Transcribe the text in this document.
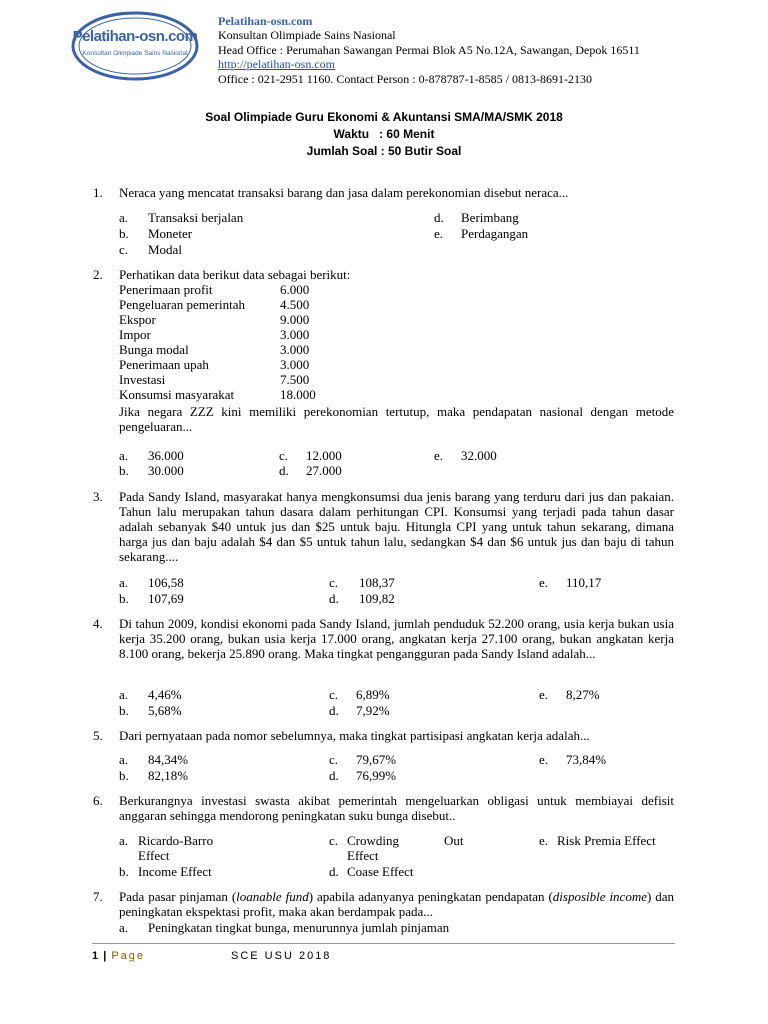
Pelatihan-osn.com
Konsultan Olimpiade Sains Nasional
Pelatihan-osn.com
Konsultan Olimpiade Sains Nasional
Head Office : Perumahan Sawangan Permai Blok A5 No.12A, Sawangan, Depok 16511
http://pelatihan-osn.com
Office : 021-2951 1160. Contact Person : 0-878787-1-8585 / 0813-8691-2130
Soal Olimpiade Guru Ekonomi & Akuntansi SMA/MA/SMK 2018
Waktu   : 60 Menit
Jumlah Soal : 50 Butir Soal
1. Neraca yang mencatat transaksi barang dan jasa dalam perekonomian disebut neraca...
a. Transaksi berjalan
b. Moneter
c. Modal
d. Berimbang
e. Perdagangan
2. Perhatikan data berikut data sebagai berikut:
Penerimaan profit	6.000
Pengeluaran pemerintah	4.500
Ekspor	9.000
Impor	3.000
Bunga modal	3.000
Penerimaan upah	3.000
Investasi	7.500
Konsumsi masyarakat	18.000
Jika negara ZZZ kini memiliki perekonomian tertutup, maka pendapatan nasional dengan metode pengeluaran...
a. 36.000
b. 30.000
c. 12.000
d. 27.000
e. 32.000
3. Pada Sandy Island, masyarakat hanya mengkonsumsi dua jenis barang yang terduru dari jus dan pakaian. Tahun lalu merupakan tahun dasara dalam perhitungan CPI. Konsumsi yang terjadi pada tahun dasar adalah sebanyak $40 untuk jus dan $25 untuk baju. Hitungla CPI yang untuk tahun sekarang, dimana harga jus dan baju adalah $4 dan $5 untuk tahun lalu, sedangkan $4 dan $6 untuk jus dan baju di tahun sekarang....
a. 106,58
b. 107,69
c. 108,37
d. 109,82
e. 110,17
4. Di tahun 2009, kondisi ekonomi pada Sandy Island, jumlah penduduk 52.200 orang, usia kerja bukan usia kerja 35.200 orang, bukan usia kerja 17.000 orang, angkatan kerja 27.100 orang, bukan angkatan kerja 8.100 orang, bekerja 25.890 orang. Maka tingkat pengangguran pada Sandy Island adalah...
a. 4,46%
b. 5,68%
c. 6,89%
d. 7,92%
e. 8,27%
5. Dari pernyataan pada nomor sebelumnya, maka tingkat partisipasi angkatan kerja adalah...
a. 84,34%
b. 82,18%
c. 79,67%
d. 76,99%
e. 73,84%
6. Berkurangnya investasi swasta akibat pemerintah mengeluarkan obligasi untuk membiayai defisit anggaran sehingga mendorong peningkatan suku bunga disebut..
a. Ricardo-Barro
Effect
b. Income Effect
c. Crowding	Out
Effect
d. Coase Effect
e. Risk Premia Effect
7. Pada pasar pinjaman (loanable fund) apabila adanyanya peningkatan pendapatan (disposible income) dan peningkatan ekspektasi profit, maka akan berdampak pada...
a. Peningkatan tingkat bunga, menurunnya jumlah pinjaman
1 | Page	SCE USU 2018
